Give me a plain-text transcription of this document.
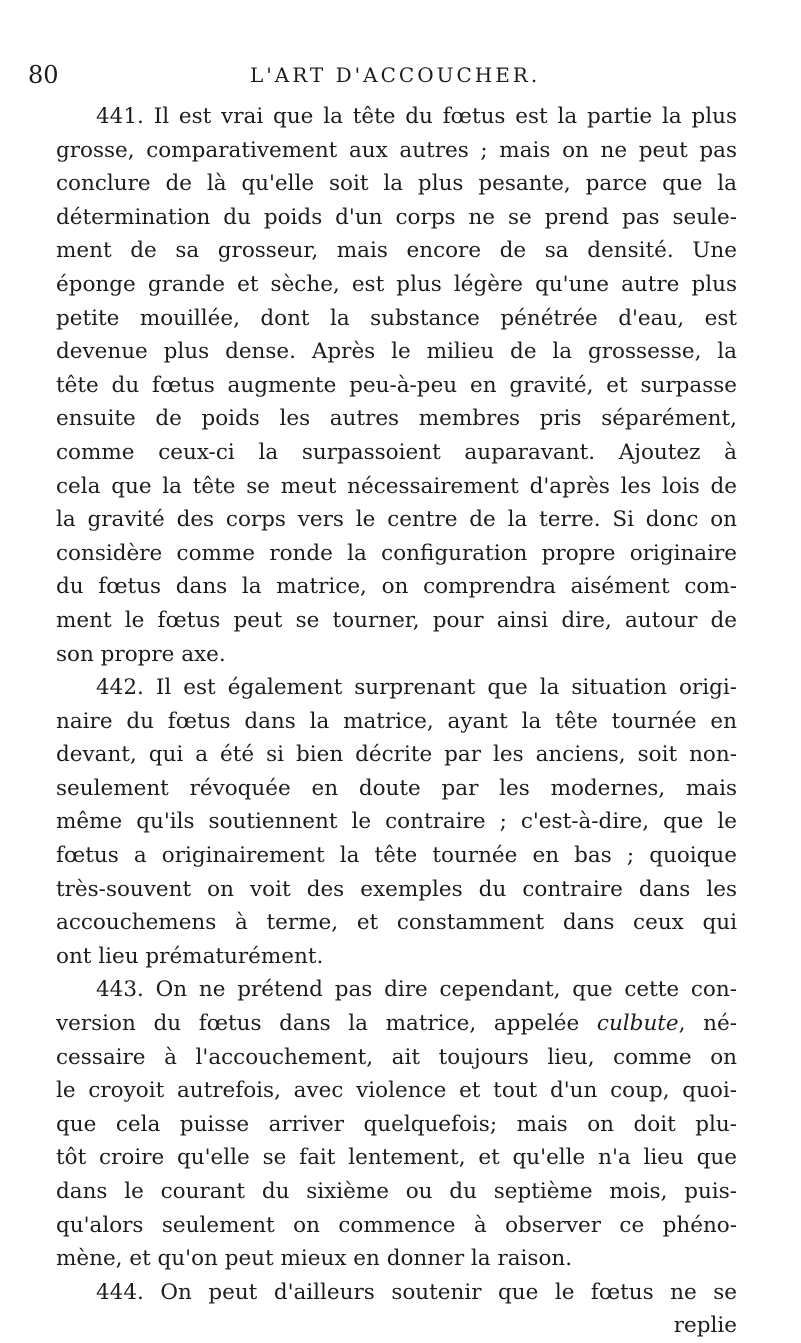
80	L'ART D'ACCOUCHER.
441. Il est vrai que la tête du fœtus est la partie la plus
grosse, comparativement aux autres ; mais on ne peut pas
conclure de là qu'elle soit la plus pesante, parce que la
détermination du poids d'un corps ne se prend pas seule-
ment de sa grosseur, mais encore de sa densité. Une
éponge grande et sèche, est plus légère qu'une autre plus
petite mouillée, dont la substance pénétrée d'eau, est
devenue plus dense. Après le milieu de la grossesse, la
tête du fœtus augmente peu-à-peu en gravité, et surpasse
ensuite de poids les autres membres pris séparément,
comme ceux-ci la surpassoient auparavant. Ajoutez à
cela que la tête se meut nécessairement d'après les lois de
la gravité des corps vers le centre de la terre. Si donc on
considère comme ronde la configuration propre originaire
du fœtus dans la matrice, on comprendra aisément com-
ment le fœtus peut se tourner, pour ainsi dire, autour de
son propre axe.
442. Il est également surprenant que la situation origi-
naire du fœtus dans la matrice, ayant la tête tournée en
devant, qui a été si bien décrite par les anciens, soit non-
seulement révoquée en doute par les modernes, mais
même qu'ils soutiennent le contraire ; c'est-à-dire, que le
fœtus a originairement la tête tournée en bas ; quoique
très-souvent on voit des exemples du contraire dans les
accouchemens à terme, et constamment dans ceux qui
ont lieu prématurément.
443. On ne prétend pas dire cependant, que cette con-
version du fœtus dans la matrice, appelée culbute, né-
cessaire à l'accouchement, ait toujours lieu, comme on
le croyoit autrefois, avec violence et tout d'un coup, quoi-
que cela puisse arriver quelquefois; mais on doit plu-
tôt croire qu'elle se fait lentement, et qu'elle n'a lieu que
dans le courant du sixième ou du septième mois, puis-
qu'alors seulement on commence à observer ce phéno-
mène, et qu'on peut mieux en donner la raison.
444. On peut d'ailleurs soutenir que le fœtus ne se
replie
